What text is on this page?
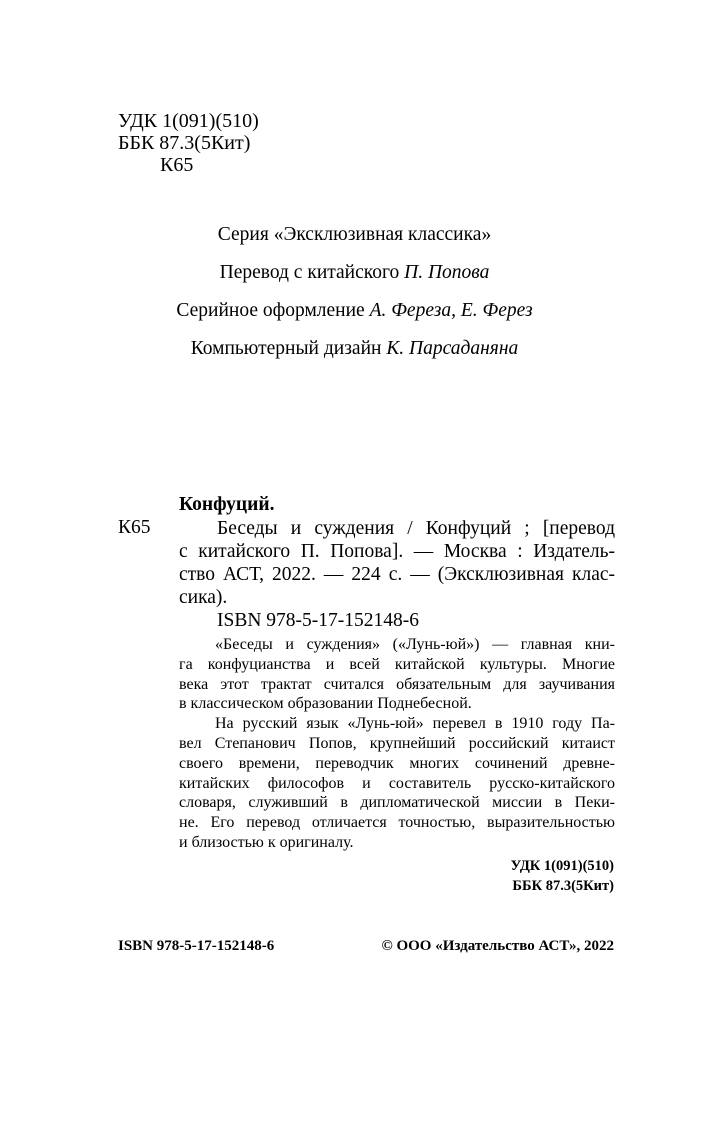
УДК 1(091)(510)
ББК 87.3(5Кит)
К65
Серия «Эксклюзивная классика»
Перевод с китайского П. Попова
Серийное оформление А. Фереза, Е. Ферез
Компьютерный дизайн К. Парсаданяна
Конфуций.
К65	Беседы и суждения / Конфуций ; [перевод
с китайского П. Попова]. — Москва : Издатель-
ство АСТ, 2022. — 224 с. — (Эксклюзивная клас-
сика).
ISBN 978-5-17-152148-6
«Беседы и суждения» («Лунь-юй») — главная кни-
га конфуцианства и всей китайской культуры. Многие
века этот трактат считался обязательным для заучивания
в классическом образовании Поднебесной.
На русский язык «Лунь-юй» перевел в 1910 году Па-
вел Степанович Попов, крупнейший российский китаист
своего времени, переводчик многих сочинений древне-
китайских философов и составитель русско-китайского
словаря, служивший в дипломатической миссии в Пеки-
не. Его перевод отличается точностью, выразительностью
и близостью к оригиналу.
УДК 1(091)(510)
ББК 87.3(5Кит)
ISBN 978-5-17-152148-6	© ООО «Издательство АСТ», 2022
